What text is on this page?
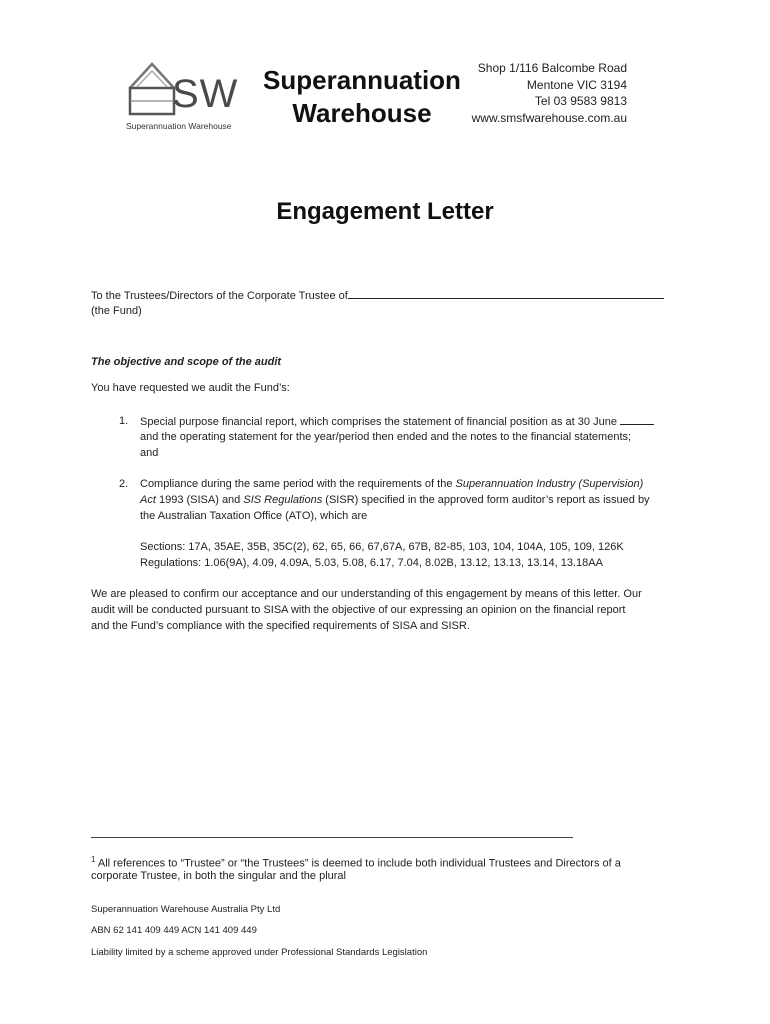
SW
Superannuation Warehouse
Superannuation
Warehouse
Shop 1/116 Balcombe Road
Mentone VIC 3194
Tel 03 9583 9813
www.smsfwarehouse.com.au
Engagement Letter
To the Trustees/Directors of the Corporate Trustee of
(the Fund)
The objective and scope of the audit
You have requested we audit the Fund’s:
1. Special purpose financial report, which comprises the statement of financial position as at 30 June
and the operating statement for the year/period then ended and the notes to the financial statements;
and
2. Compliance during the same period with the requirements of the Superannuation Industry (Supervision)
Act 1993 (SISA) and SIS Regulations (SISR) specified in the approved form auditor’s report as issued by
the Australian Taxation Office (ATO), which are
Sections: 17A, 35AE, 35B, 35C(2), 62, 65, 66, 67,67A, 67B, 82-85, 103, 104, 104A, 105, 109, 126K
Regulations: 1.06(9A), 4.09, 4.09A, 5.03, 5.08, 6.17, 7.04, 8.02B, 13.12, 13.13, 13.14, 13.18AA
We are pleased to confirm our acceptance and our understanding of this engagement by means of this letter. Our
audit will be conducted pursuant to SISA with the objective of our expressing an opinion on the financial report
and the Fund’s compliance with the specified requirements of SISA and SISR.
$^1$ All references to “Trustee” or “the Trustees” is deemed to include both individual Trustees and Directors of a
corporate Trustee, in both the singular and the plural
Superannuation Warehouse Australia Pty Ltd
ABN 62 141 409 449 ACN 141 409 449
Liability limited by a scheme approved under Professional Standards Legislation
